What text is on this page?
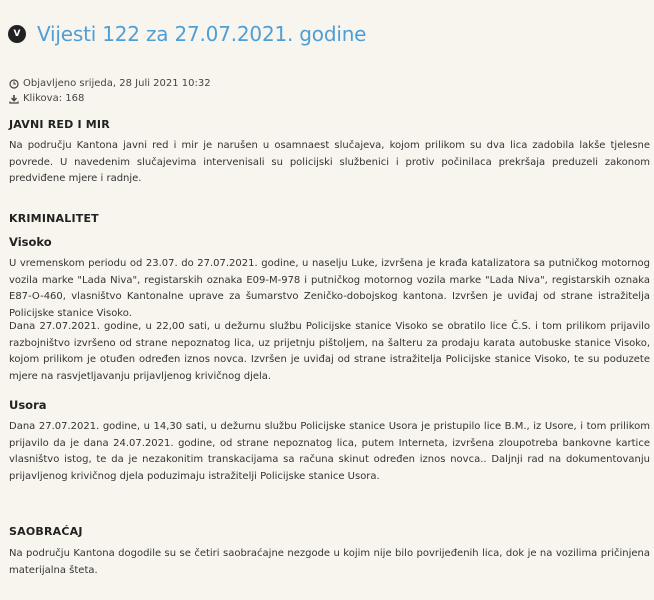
V Vijesti 122 za 27.07.2021. godine
Objavljeno srijeda, 28 Juli 2021 10:32
Klikova: 168
JAVNI RED I MIR
Na području Kantona javni red i mir je narušen u osamnaest slučajeva, kojom prilikom su dva lica zadobila lakše tjelesne povrede. U navedenim slučajevima intervenisali su policijski službenici i protiv počinilaca prekršaja preduzeli zakonom predviđene mjere i radnje.
KRIMINALITET
Visoko
U vremenskom periodu od 23.07. do 27.07.2021. godine, u naselju Luke, izvršena je krađa katalizatora sa putničkog motornog vozila marke "Lada Niva", registarskih oznaka E09-M-978 i putničkog motornog vozila marke "Lada Niva", registarskih oznaka E87-O-460, vlasništvo Kantonalne uprave za šumarstvo Zeničko-dobojskog kantona. Izvršen je uviđaj od strane istražitelja Policijske stanice Visoko.
Dana 27.07.2021. godine, u 22,00 sati, u dežurnu službu Policijske stanice Visoko se obratilo lice Č.S. i tom prilikom prijavilo razbojništvo izvršeno od strane nepoznatog lica, uz prijetnju pištoljem, na šalteru za prodaju karata autobuske stanice Visoko, kojom prilikom je otuđen određen iznos novca. Izvršen je uviđaj od strane istražitelja Policijske stanice Visoko, te su poduzete mjere na rasvjetljavanju prijavljenog krivičnog djela.
Usora
Dana 27.07.2021. godine, u 14,30 sati, u dežurnu službu Policijske stanice Usora je pristupilo lice B.M., iz Usore, i tom prilikom prijavilo da je dana 24.07.2021. godine, od strane nepoznatog lica, putem Interneta, izvršena zloupotreba bankovne kartice vlasništvo istog, te da je nezakonitim transkacijama sa računa skinut određen iznos novca.. Daljnji rad na dokumentovanju prijavljenog krivičnog djela poduzimaju istražitelji Policijske stanice Usora.
SAOBRAĆAJ
Na području Kantona dogodile su se četiri saobraćajne nezgode u kojim nije bilo povrijeđenih lica, dok je na vozilima pričinjena materijalna šteta.
